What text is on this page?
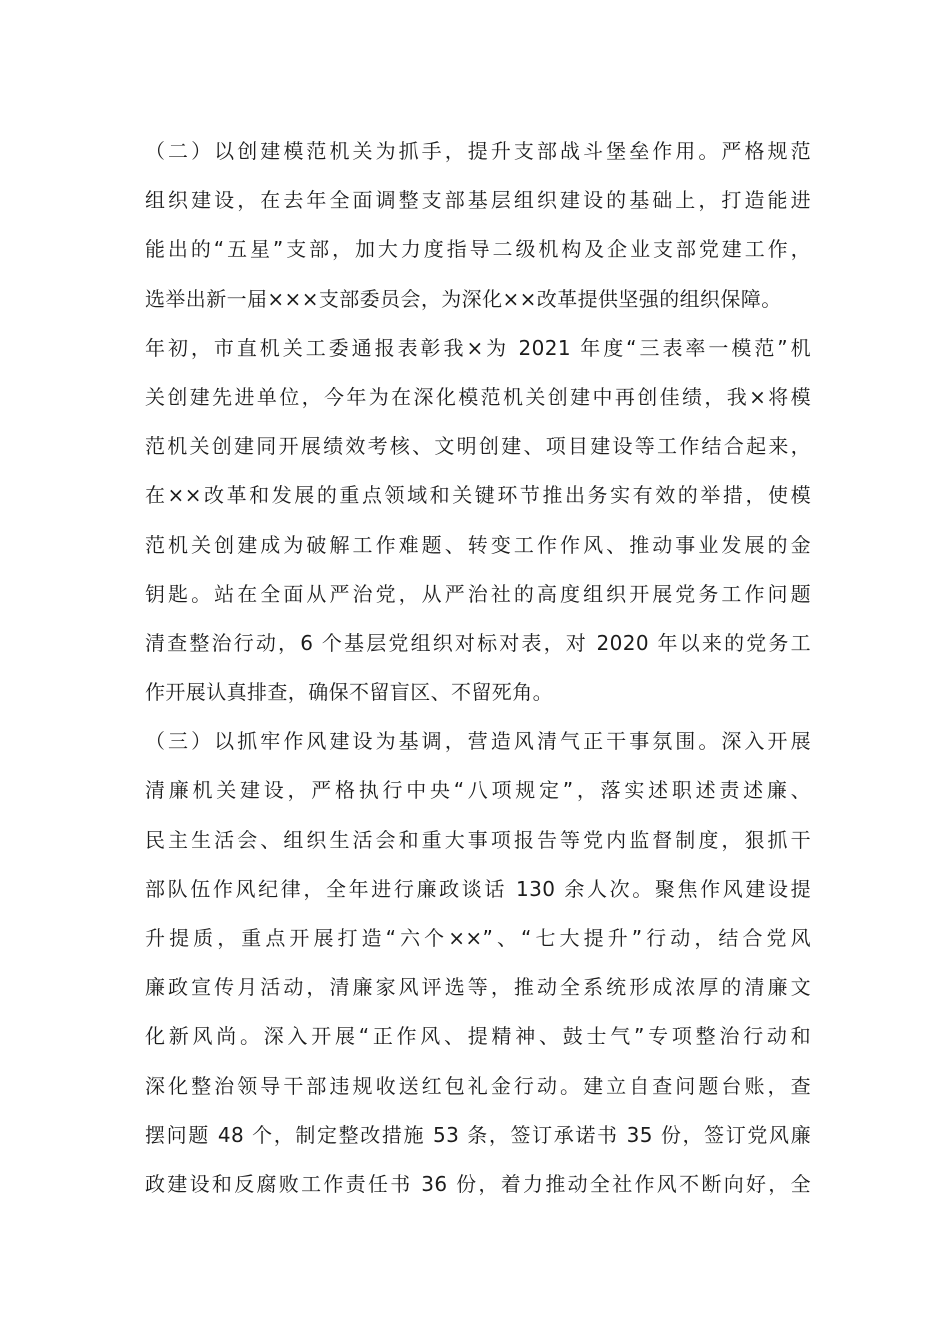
（二）以创建模范机关为抓手，提升支部战斗堡垒作用。严格规范
组织建设，在去年全面调整支部基层组织建设的基础上，打造能进
能出的“五星”支部，加大力度指导二级机构及企业支部党建工作，
选举出新一届×××支部委员会，为深化××改革提供坚强的组织保障。
年初，市直机关工委通报表彰我×为 2021 年度“三表率一模范”机
关创建先进单位，今年为在深化模范机关创建中再创佳绩，我×将模
范机关创建同开展绩效考核、文明创建、项目建设等工作结合起来，
在××改革和发展的重点领域和关键环节推出务实有效的举措，使模
范机关创建成为破解工作难题、转变工作作风、推动事业发展的金
钥匙。站在全面从严治党，从严治社的高度组织开展党务工作问题
清查整治行动，6 个基层党组织对标对表，对 2020 年以来的党务工
作开展认真排查，确保不留盲区、不留死角。
（三）以抓牢作风建设为基调，营造风清气正干事氛围。深入开展
清廉机关建设，严格执行中央“八项规定”，落实述职述责述廉、
民主生活会、组织生活会和重大事项报告等党内监督制度，狠抓干
部队伍作风纪律，全年进行廉政谈话 130 余人次。聚焦作风建设提
升提质，重点开展打造“六个××”、“七大提升”行动，结合党风
廉政宣传月活动，清廉家风评选等，推动全系统形成浓厚的清廉文
化新风尚。深入开展“正作风、提精神、鼓士气”专项整治行动和
深化整治领导干部违规收送红包礼金行动。建立自查问题台账，查
摆问题 48 个，制定整改措施 53 条，签订承诺书 35 份，签订党风廉
政建设和反腐败工作责任书 36 份，着力推动全社作风不断向好，全
